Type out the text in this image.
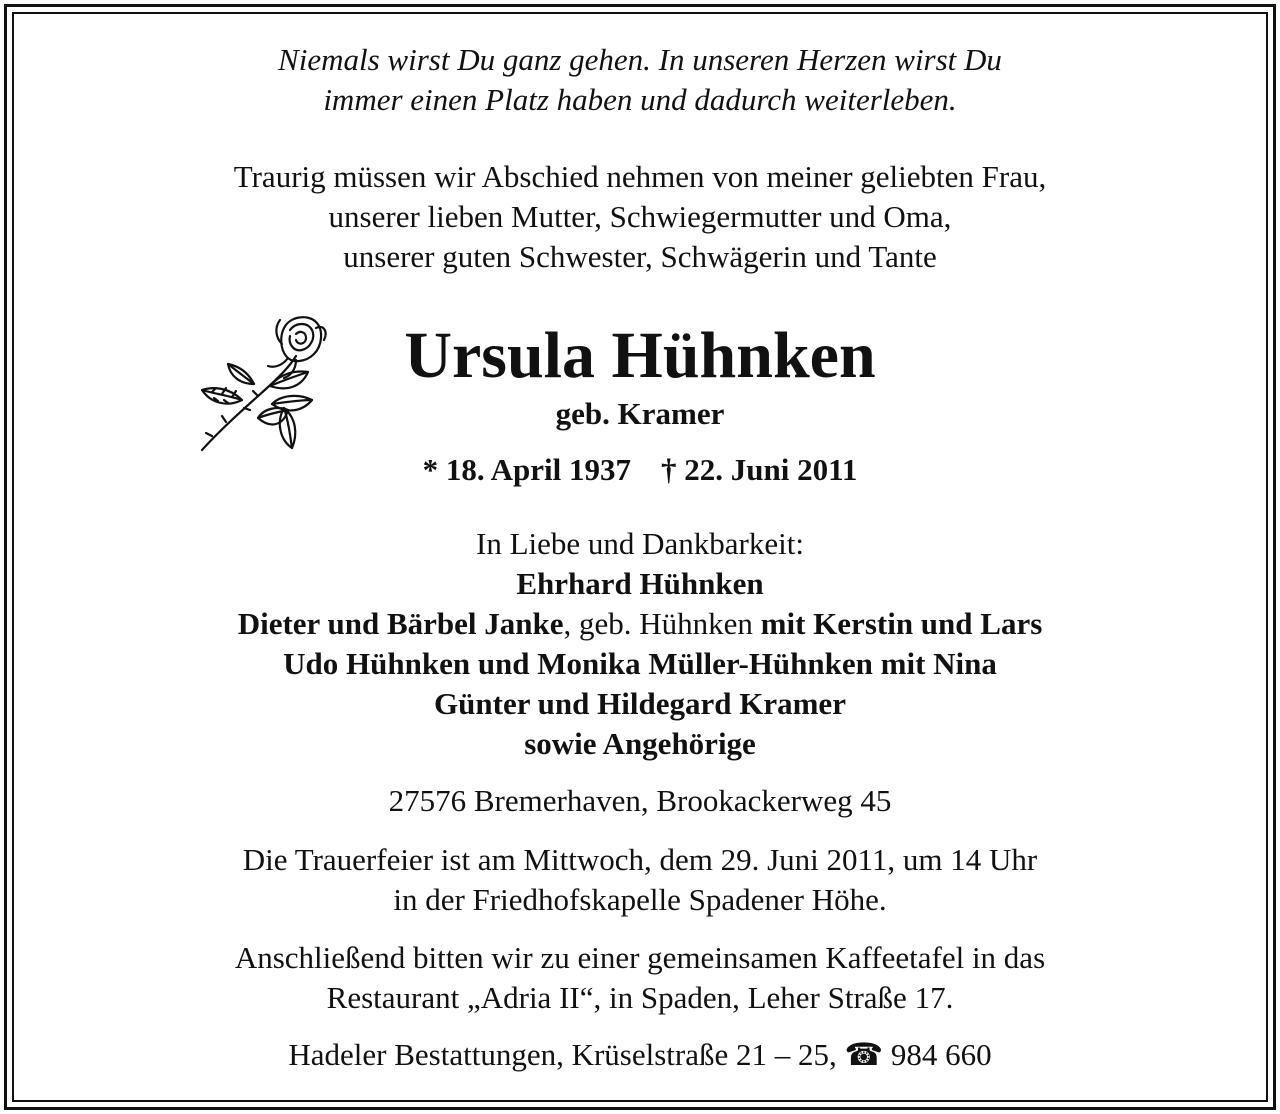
Niemals wirst Du ganz gehen. In unseren Herzen wirst Du
immer einen Platz haben und dadurch weiterleben.
Traurig müssen wir Abschied nehmen von meiner geliebten Frau,
unserer lieben Mutter, Schwiegermutter und Oma,
unserer guten Schwester, Schwägerin und Tante
Ursula Hühnken
geb. Kramer
* 18. April 1937 † 22. Juni 2011
In Liebe und Dankbarkeit:
Ehrhard Hühnken
Dieter und Bärbel Janke, geb. Hühnken mit Kerstin und Lars
Udo Hühnken und Monika Müller-Hühnken mit Nina
Günter und Hildegard Kramer
sowie Angehörige
27576 Bremerhaven, Brookackerweg 45
Die Trauerfeier ist am Mittwoch, dem 29. Juni 2011, um 14 Uhr
in der Friedhofskapelle Spadener Höhe.
Anschließend bitten wir zu einer gemeinsamen Kaffeetafel in das
Restaurant „Adria II“, in Spaden, Leher Straße 17.
Hadeler Bestattungen, Krüselstraße 21 – 25, ☎ 984 660
